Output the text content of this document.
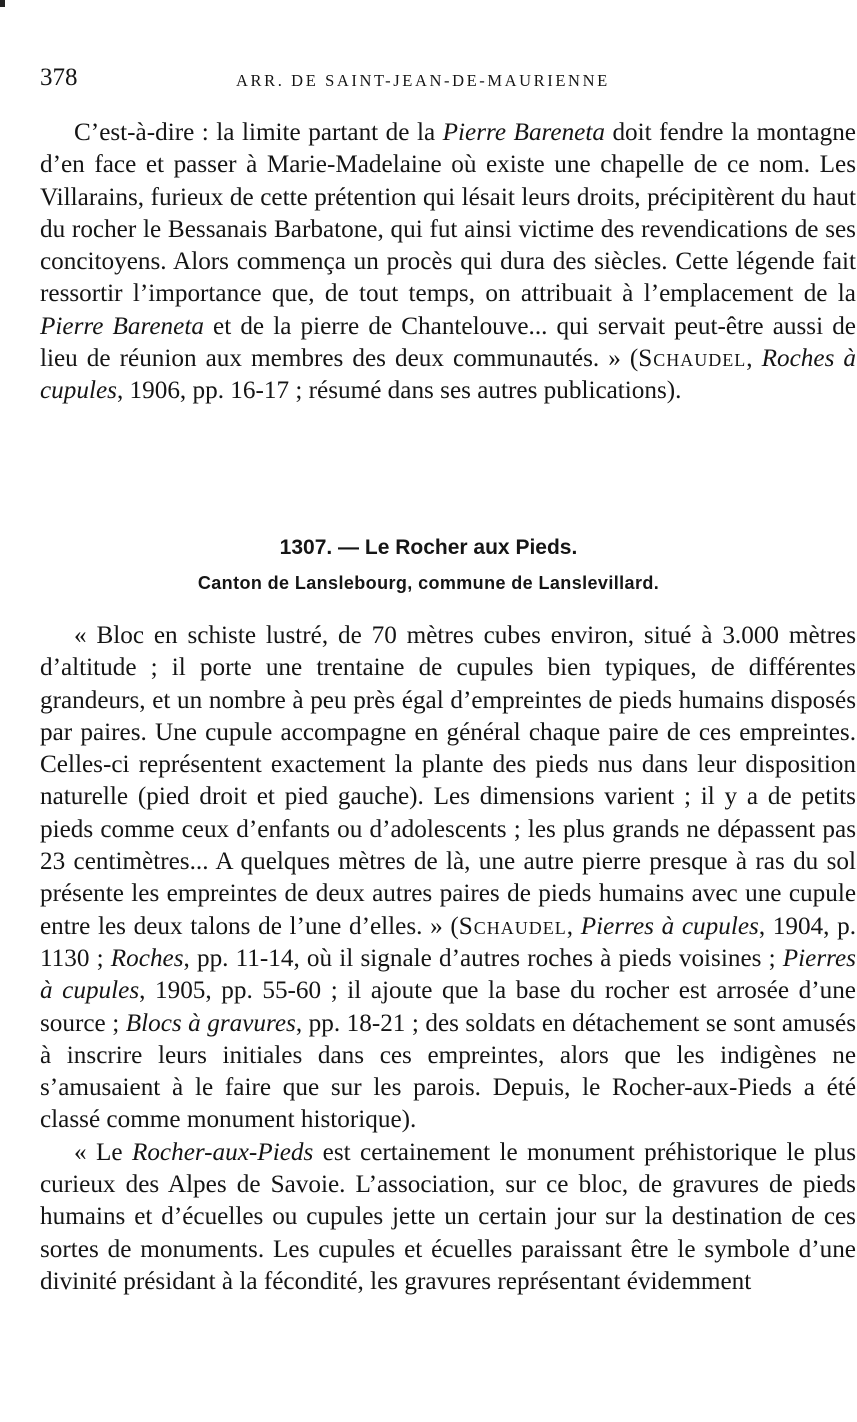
378	ARR. DE SAINT-JEAN-DE-MAURIENNE

C’est-à-dire : la limite partant de la Pierre Bareneta doit fendre la montagne d’en face et passer à Marie-Madelaine où existe une chapelle de ce nom. Les Villarains, furieux de cette prétention qui lésait leurs droits, précipitèrent du haut du rocher le Bessanais Barbatone, qui fut ainsi victime des revendications de ses concitoyens. Alors commença un procès qui dura des siècles. Cette légende fait ressortir l’importance que, de tout temps, on attribuait à l’emplacement de la Pierre Bareneta et de la pierre de Chantelouve... qui servait peut-être aussi de lieu de réunion aux membres des deux communautés. » (Schaudel, Roches à cupules, 1906, pp. 16-17 ; résumé dans ses autres publications).

1307. — Le Rocher aux Pieds.
Canton de Lanslebourg, commune de Lanslevillard.

« Bloc en schiste lustré, de 70 mètres cubes environ, situé à 3.000 mètres d’altitude ; il porte une trentaine de cupules bien typiques, de différentes grandeurs, et un nombre à peu près égal d’empreintes de pieds humains disposés par paires. Une cupule accompagne en général chaque paire de ces empreintes. Celles-ci représentent exactement la plante des pieds nus dans leur disposition naturelle (pied droit et pied gauche). Les dimensions varient ; il y a de petits pieds comme ceux d’enfants ou d’adolescents ; les plus grands ne dépassent pas 23 centimètres... A quelques mètres de là, une autre pierre presque à ras du sol présente les empreintes de deux autres paires de pieds humains avec une cupule entre les deux talons de l’une d’elles. » (Schaudel, Pierres à cupules, 1904, p. 1130 ; Roches, pp. 11-14, où il signale d’autres roches à pieds voisines ; Pierres à cupules, 1905, pp. 55-60 ; il ajoute que la base du rocher est arrosée d’une source ; Blocs à gravures, pp. 18-21 ; des soldats en détachement se sont amusés à inscrire leurs initiales dans ces empreintes, alors que les indigènes ne s’amusaient à le faire que sur les parois. Depuis, le Rocher-aux-Pieds a été classé comme monument historique).

« Le Rocher-aux-Pieds est certainement le monument préhistorique le plus curieux des Alpes de Savoie. L’association, sur ce bloc, de gravures de pieds humains et d’écuelles ou cupules jette un certain jour sur la destination de ces sortes de monuments. Les cupules et écuelles paraissant être le symbole d’une divinité présidant à la fécondité, les gravures représentant évidemment
